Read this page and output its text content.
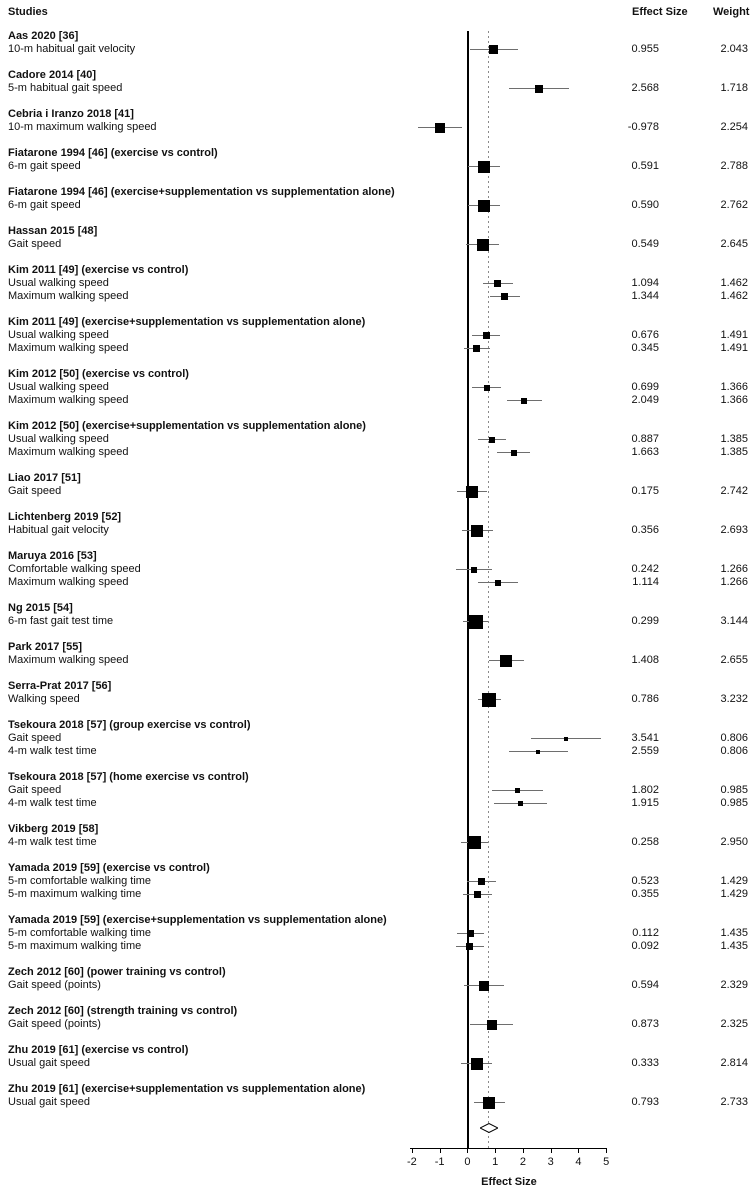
Studies	Effect Size Weight
Aas 2020 [36]
10-m habitual gait velocity	0.955	2.043
Cadore 2014 [40]
5-m habitual gait speed	2.568	1.718
Cebria i Iranzo 2018 [41]
10-m maximum walking speed	-0.978	2.254
Fiatarone 1994 [46] (exercise vs control)
6-m gait speed	0.591	2.788
Fiatarone 1994 [46] (exercise+supplementation vs supplementation alone)
6-m gait speed	0.590	2.762
Hassan 2015 [48]
Gait speed	0.549	2.645
Kim 2011 [49] (exercise vs control)
Usual walking speed	1.094	1.462
Maximum walking speed	1.344	1.462
Kim 2011 [49] (exercise+supplementation vs supplementation alone)
Usual walking speed	0.676	1.491
Maximum walking speed	0.345	1.491
Kim 2012 [50] (exercise vs control)
Usual walking speed	0.699	1.366
Maximum walking speed	2.049	1.366
Kim 2012 [50] (exercise+supplementation vs supplementation alone)
Usual walking speed	0.887	1.385
Maximum walking speed	1.663	1.385
Liao 2017 [51]
Gait speed	0.175	2.742
Lichtenberg 2019 [52]
Habitual gait velocity	0.356	2.693
Maruya 2016 [53]
Comfortable walking speed	0.242	1.266
Maximum walking speed	1.114	1.266
Ng 2015 [54]
6-m fast gait test time	0.299	3.144
Park 2017 [55]
Maximum walking speed	1.408	2.655
Serra-Prat 2017 [56]
Walking speed	0.786	3.232
Tsekoura 2018 [57] (group exercise vs control)
Gait speed	3.541	0.806
4-m walk test time	2.559	0.806
Tsekoura 2018 [57] (home exercise vs control)
Gait speed	1.802	0.985
4-m walk test time	1.915	0.985
Vikberg 2019 [58]
4-m walk test time	0.258	2.950
Yamada 2019 [59] (exercise vs control)
5-m comfortable walking time	0.523	1.429
5-m maximum walking time	0.355	1.429
Yamada 2019 [59] (exercise+supplementation vs supplementation alone)
5-m comfortable walking time	0.112	1.435
5-m maximum walking time	0.092	1.435
Zech 2012 [60] (power training vs control)
Gait speed (points)	0.594	2.329
Zech 2012 [60] (strength training vs control)
Gait speed (points)	0.873	2.325
Zhu 2019 [61] (exercise vs control)
Usual gait speed	0.333	2.814
Zhu 2019 [61] (exercise+supplementation vs supplementation alone)
Usual gait speed	0.793	2.733
-2	-1	0	1	2	3	4	5
Effect Size
